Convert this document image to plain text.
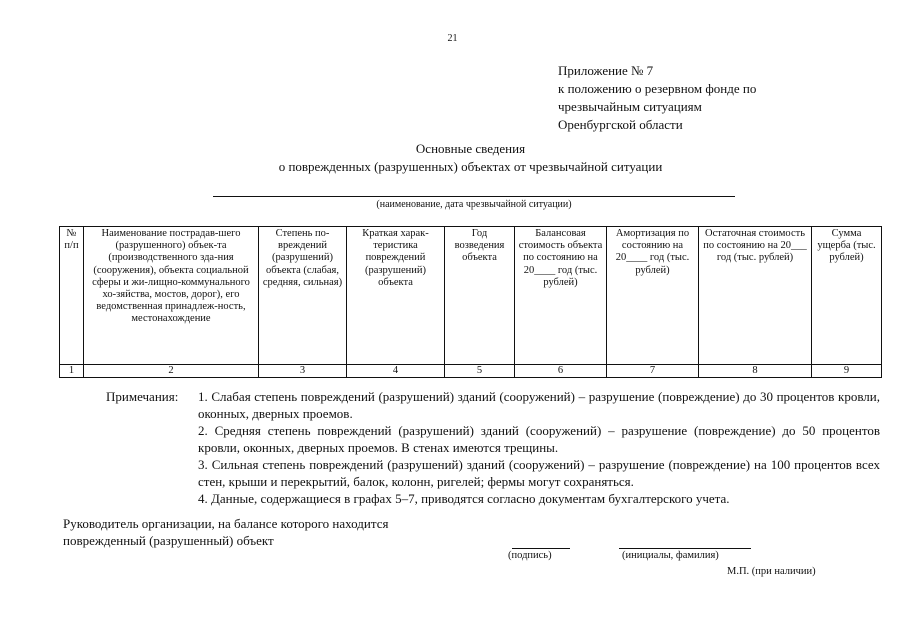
21
Приложение № 7
к положению о резервном фонде по
чрезвычайным ситуациям
Оренбургской области
Основные сведения
о поврежденных (разрушенных) объектах от чрезвычайной ситуации
(наименование, дата чрезвычайной ситуации)
№ п/п	Наименование пострадав-шего (разрушенного) объек-та (производственного зда-ния (сооружения), объекта социальной сферы и жи-лищно-коммунального хо-зяйства, мостов, дорог), его ведомственная принадлеж-ность, местонахождение	Степень по-вреждений (разрушений) объекта (слабая, средняя, сильная)	Краткая харак-теристика повреждений (разрушений) объекта	Год возведения объекта	Балансовая стоимость объекта по состоянию на 20____ год (тыс. рублей)	Амортизация по состоянию на 20____ год (тыс. рублей)	Остаточная стоимость по состоянию на 20___ год (тыс. рублей)	Сумма ущерба (тыс. рублей)
1	2	3	4	5	6	7	8	9
Примечания: 1. Слабая степень повреждений (разрушений) зданий (сооружений) – разрушение (повреждение) до 30 процентов кровли, оконных, дверных проемов.
2. Средняя степень повреждений (разрушений) зданий (сооружений) – разрушение (повреждение) до 50 процентов кровли, оконных, дверных проемов. В стенах имеются трещины.
3. Сильная степень повреждений (разрушений) зданий (сооружений) – разрушение (повреждение) на 100 процентов всех стен, крыши и перекрытий, балок, колонн, ригелей; фермы могут сохраняться.
4. Данные, содержащиеся в графах 5–7, приводятся согласно документам бухгалтерского учета.
Руководитель организации, на балансе которого находится
поврежденный (разрушенный) объект
(подпись)	(инициалы, фамилия)
М.П. (при наличии)
